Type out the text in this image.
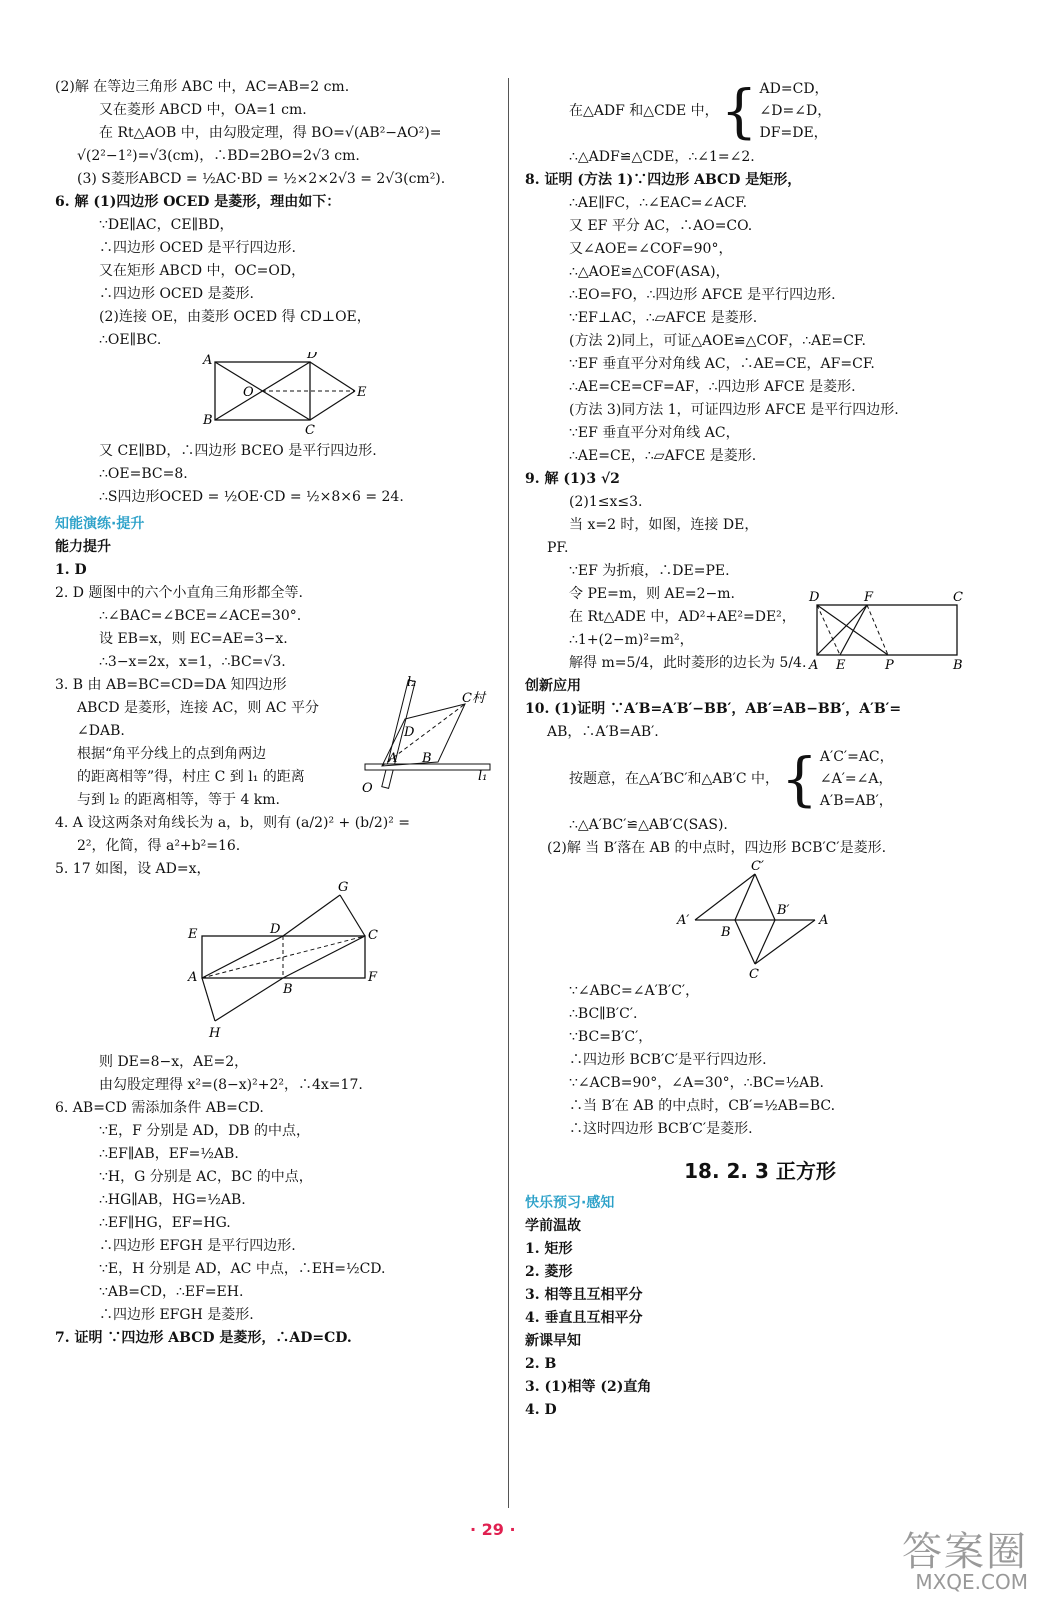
(2)解 在等边三角形 ABC 中，AC=AB=2 cm.
又在菱形 ABCD 中，OA=1 cm.
在 Rt△AOB 中，由勾股定理，得 BO=√(AB²−AO²)=
√(2²−1²)=√3(cm)，∴BD=2BO=2√3 cm.
(3) S菱形ABCD = ½AC·BD = ½×2×2√3 = 2√3(cm²).
6. 解 (1)四边形 OCED 是菱形，理由如下：
∵DE∥AC，CE∥BD，
∴四边形 OCED 是平行四边形.
又在矩形 ABCD 中，OC=OD，
∴四边形 OCED 是菱形.
(2)连接 OE，由菱形 OCED 得 CD⊥OE，
∴OE∥BC.
A	D
O	E
B
C
又 CE∥BD，∴四边形 BCEO 是平行四边形.
∴OE=BC=8.
∴S四边形OCED = ½OE·CD = ½×8×6 = 24.
知能演练·提升
能力提升
1. D
2. D 题图中的六个小直角三角形都全等.
∴∠BAC=∠BCE=∠ACE=30°.
设 EB=x，则 EC=AE=3−x.
∴3−x=2x，x=1，∴BC=√3.
3. B 由 AB=BC=CD=DA 知四边形
ABCD 是菱形，连接 AC，则 AC 平分
∠DAB.
根据“角平分线上的点到角两边
的距离相等”得，村庄 C 到 l₁ 的距离
与到 l₂ 的距离相等，等于 4 km.
4. A 设这两条对角线长为 a，b，则有 (a/2)² + (b/2)² =
2²，化简，得 a²+b²=16.
5. 17 如图，设 AD=x，
l₂
C村
D
A B
O
l₁
G
E	D	C
A
B
F
H
则 DE=8−x，AE=2，
由勾股定理得 x²=(8−x)²+2²，∴4x=17.
6. AB=CD 需添加条件 AB=CD.
∵E，F 分别是 AD，DB 的中点，
∴EF∥AB，EF=½AB.
∵H，G 分别是 AC，BC 的中点，
∴HG∥AB，HG=½AB.
∴EF∥HG，EF=HG.
∴四边形 EFGH 是平行四边形.
∵E，H 分别是 AD，AC 中点，∴EH=½CD.
∵AB=CD，∴EF=EH.
∴四边形 EFGH 是菱形.
7. 证明 ∵四边形 ABCD 是菱形，∴AD=CD.
在△ADF 和△CDE 中， { AD=CD，
∠D=∠D，
DF=DE，
∴△ADF≌△CDE，∴∠1=∠2.
8. 证明 (方法 1)∵四边形 ABCD 是矩形，
∴AE∥FC，∴∠EAC=∠ACF.
又 EF 平分 AC，∴AO=CO.
又∠AOE=∠COF=90°，
∴△AOE≌△COF(ASA)，
∴EO=FO，∴四边形 AFCE 是平行四边形.
∵EF⊥AC，∴▱AFCE 是菱形.
(方法 2)同上，可证△AOE≌△COF，∴AE=CF.
∵EF 垂直平分对角线 AC，∴AE=CE，AF=CF.
∴AE=CE=CF=AF，∴四边形 AFCE 是菱形.
(方法 3)同方法 1，可证四边形 AFCE 是平行四边形.
∵EF 垂直平分对角线 AC，
∴AE=CE，∴▱AFCE 是菱形.
9. 解 (1)3 √2
(2)1≤x≤3.
当 x=2 时，如图，连接 DE，
PF.
∵EF 为折痕，∴DE=PE.
令 PE=m，则 AE=2−m.
在 Rt△ADE 中，AD²+AE²=DE²，
∴1+(2−m)²=m²，
解得 m=5/4，此时菱形的边长为 5/4.
D	F	C
A E	P	B
创新应用
10. (1)证明 ∵A′B=A′B′−BB′，AB′=AB−BB′，A′B′=
AB，∴A′B=AB′.
按题意，在△A′BC′和△AB′C 中， { A′C′=AC，
∠A′=∠A，
A′B=AB′，
∴△A′BC′≌△AB′C(SAS).
(2)解 当 B′落在 AB 的中点时，四边形 BCB′C′是菱形.
C′
A′
B′
B
A
C
∵∠ABC=∠A′B′C′，
∴BC∥B′C′.
∵BC=B′C′，
∴四边形 BCB′C′是平行四边形.
∵∠ACB=90°，∠A=30°，∴BC=½AB.
∴当 B′在 AB 的中点时，CB′=½AB=BC.
∴这时四边形 BCB′C′是菱形.
18. 2. 3 正方形
快乐预习·感知
学前温故
1. 矩形
2. 菱形
3. 相等且互相平分
4. 垂直且互相平分
新课早知
2. B
3. (1)相等 (2)直角
4. D
· 29 ·	答案圈
MXQE.COM
